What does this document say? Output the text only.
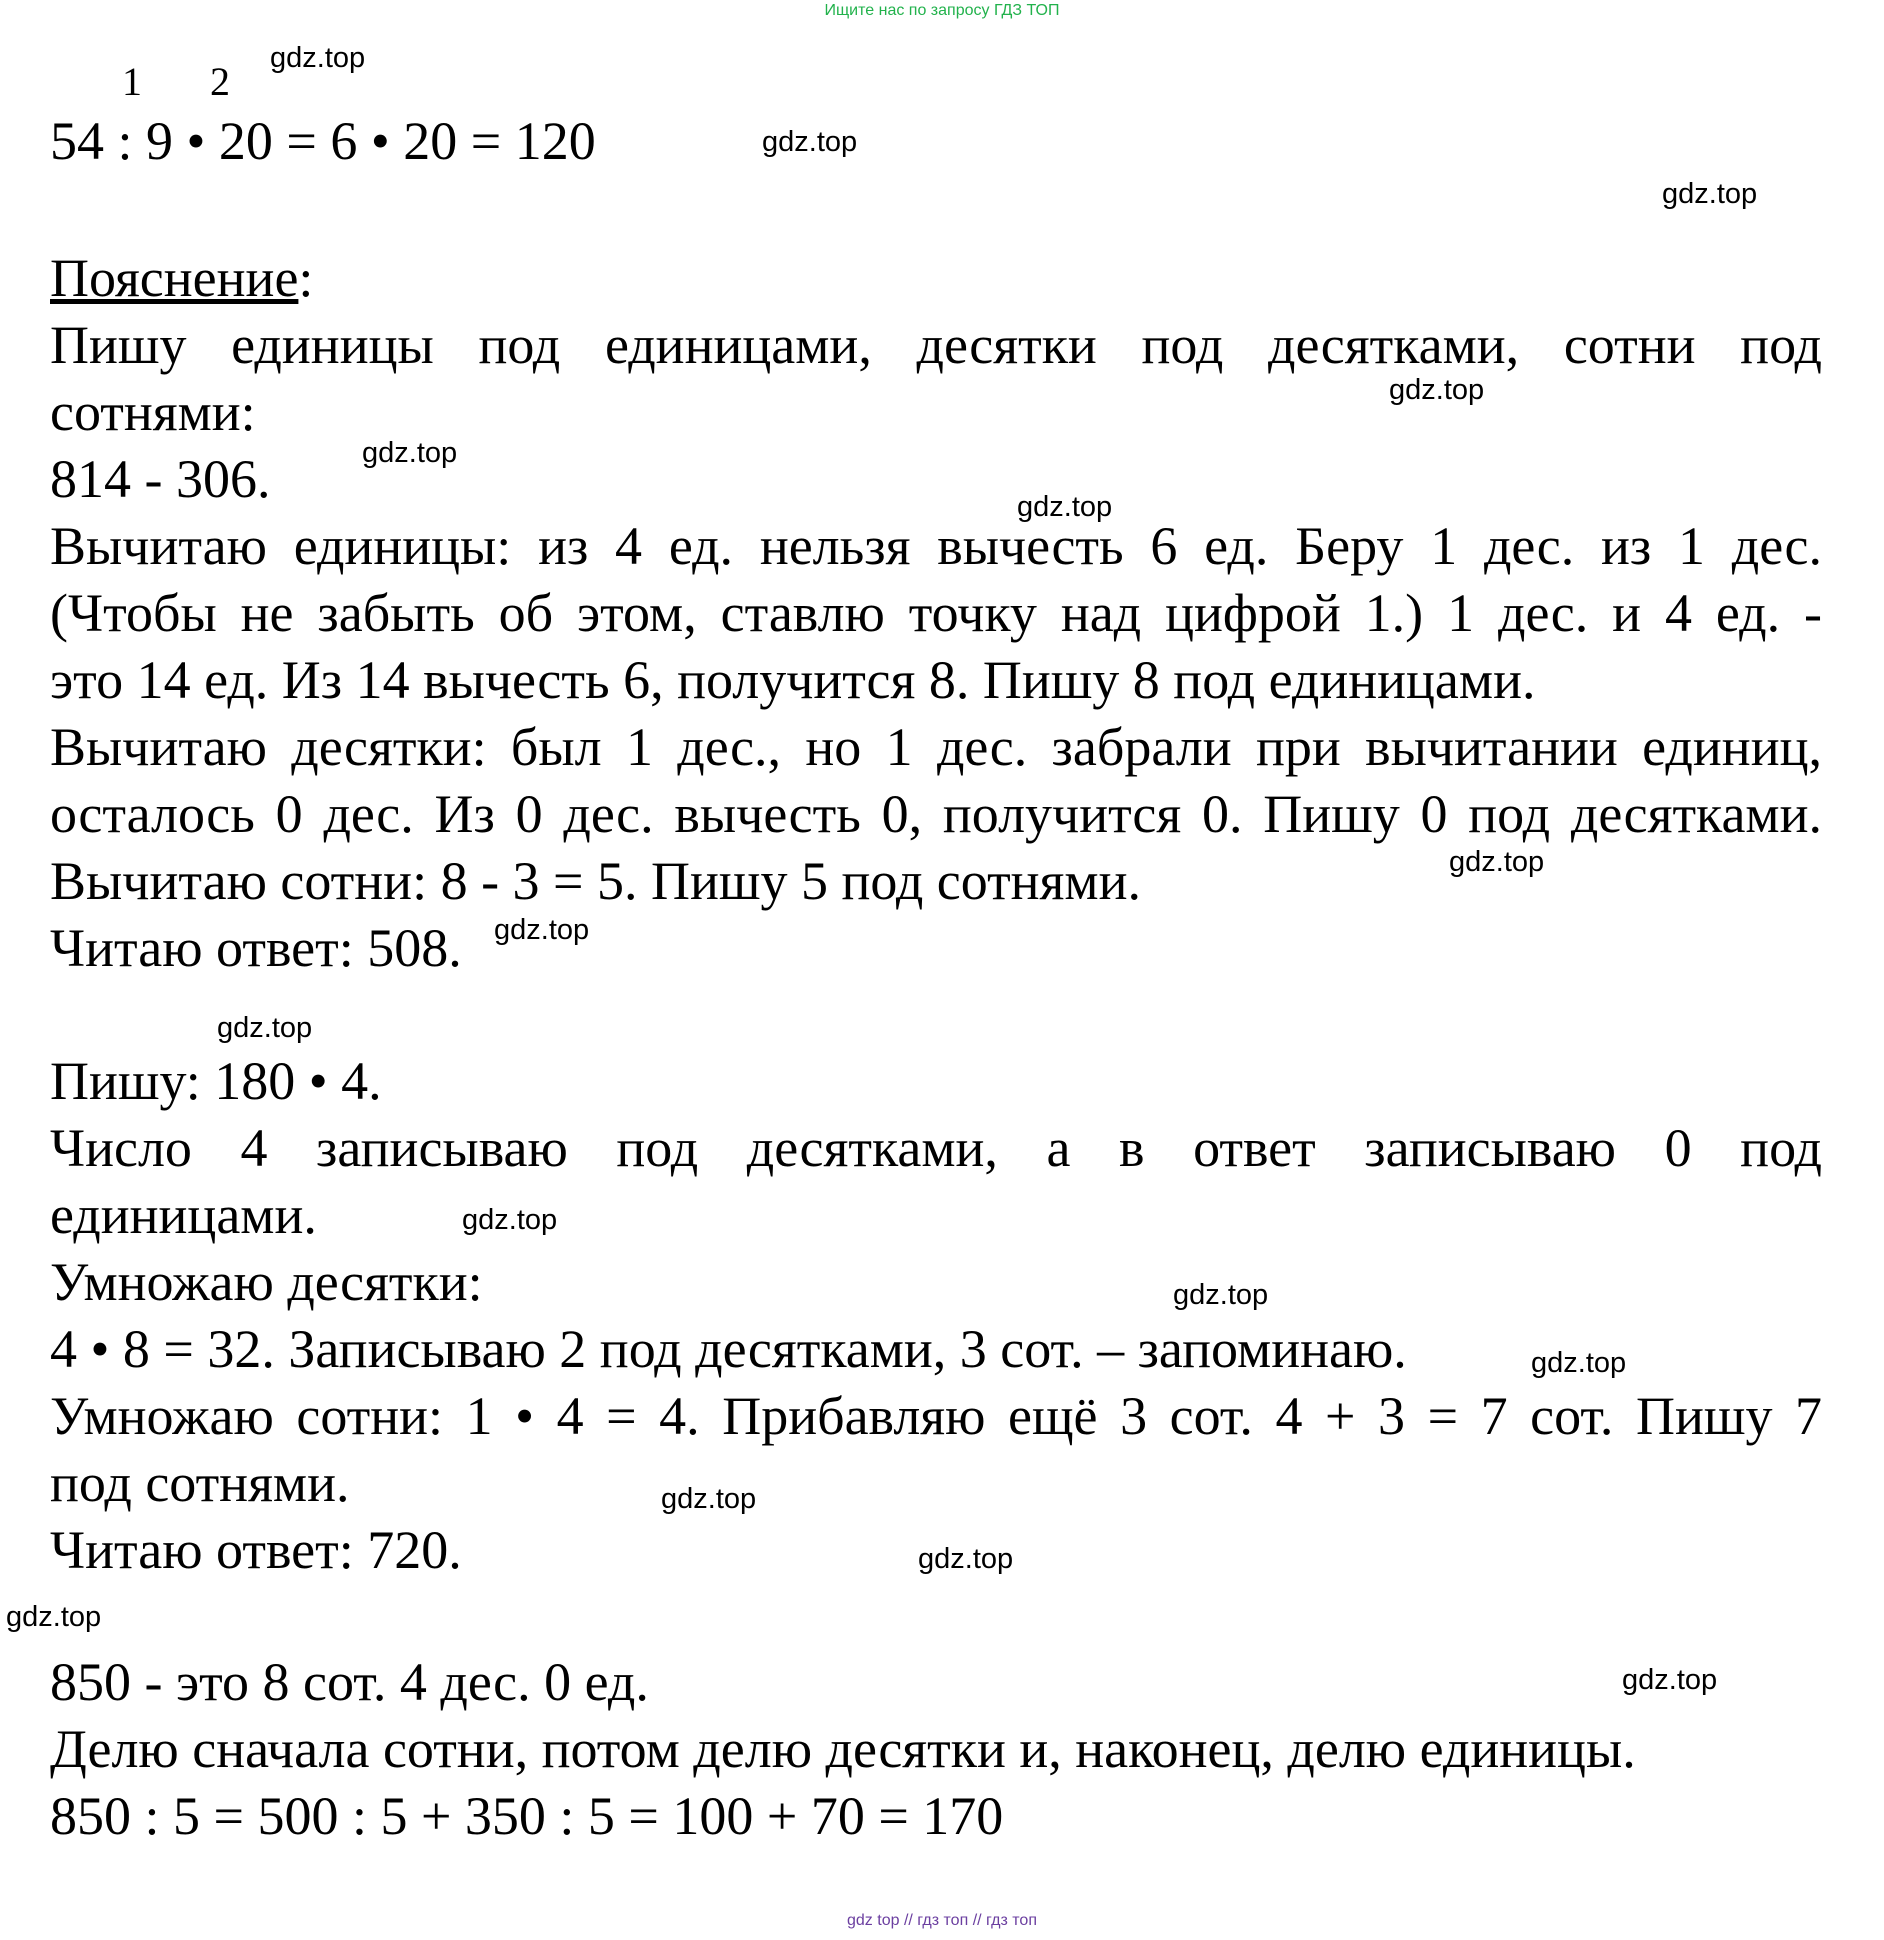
Ищите нас по запросу ГДЗ ТОП
1 2
54 : 9 • 20 = 6 • 20 = 120
Пояснение:
Пишу единицы под единицами, десятки под десятками, сотни под
сотнями:
814 - 306.
Вычитаю единицы: из 4 ед. нельзя вычесть 6 ед. Беру 1 дес. из 1 дес.
(Чтобы не забыть об этом, ставлю точку над цифрой 1.) 1 дес. и 4 ед. -
это 14 ед. Из 14 вычесть 6, получится 8. Пишу 8 под единицами.
Вычитаю десятки: был 1 дес., но 1 дес. забрали при вычитании единиц,
осталось 0 дес. Из 0 дес. вычесть 0, получится 0. Пишу 0 под десятками.
Вычитаю сотни: 8 - 3 = 5. Пишу 5 под сотнями.
Читаю ответ: 508.
Пишу: 180 • 4.
Число 4 записываю под десятками, а в ответ записываю 0 под
единицами.
Умножаю десятки:
4 • 8 = 32. Записываю 2 под десятками, 3 сот. – запоминаю.
Умножаю сотни: 1 • 4 = 4. Прибавляю ещё 3 сот. 4 + 3 = 7 сот. Пишу 7
под сотнями.
Читаю ответ: 720.
850 - это 8 сот. 4 дес. 0 ед.
Делю сначала сотни, потом делю десятки и, наконец, делю единицы.
850 : 5 = 500 : 5 + 350 : 5 = 100 + 70 = 170
gdz.top
gdz.top
gdz.top
gdz.top
gdz.top
gdz.top
gdz.top
gdz.top
gdz.top
gdz.top
gdz.top
gdz.top
gdz.top
gdz.top
gdz.top
gdz.top
gdz top // гдз топ // гдз топ
